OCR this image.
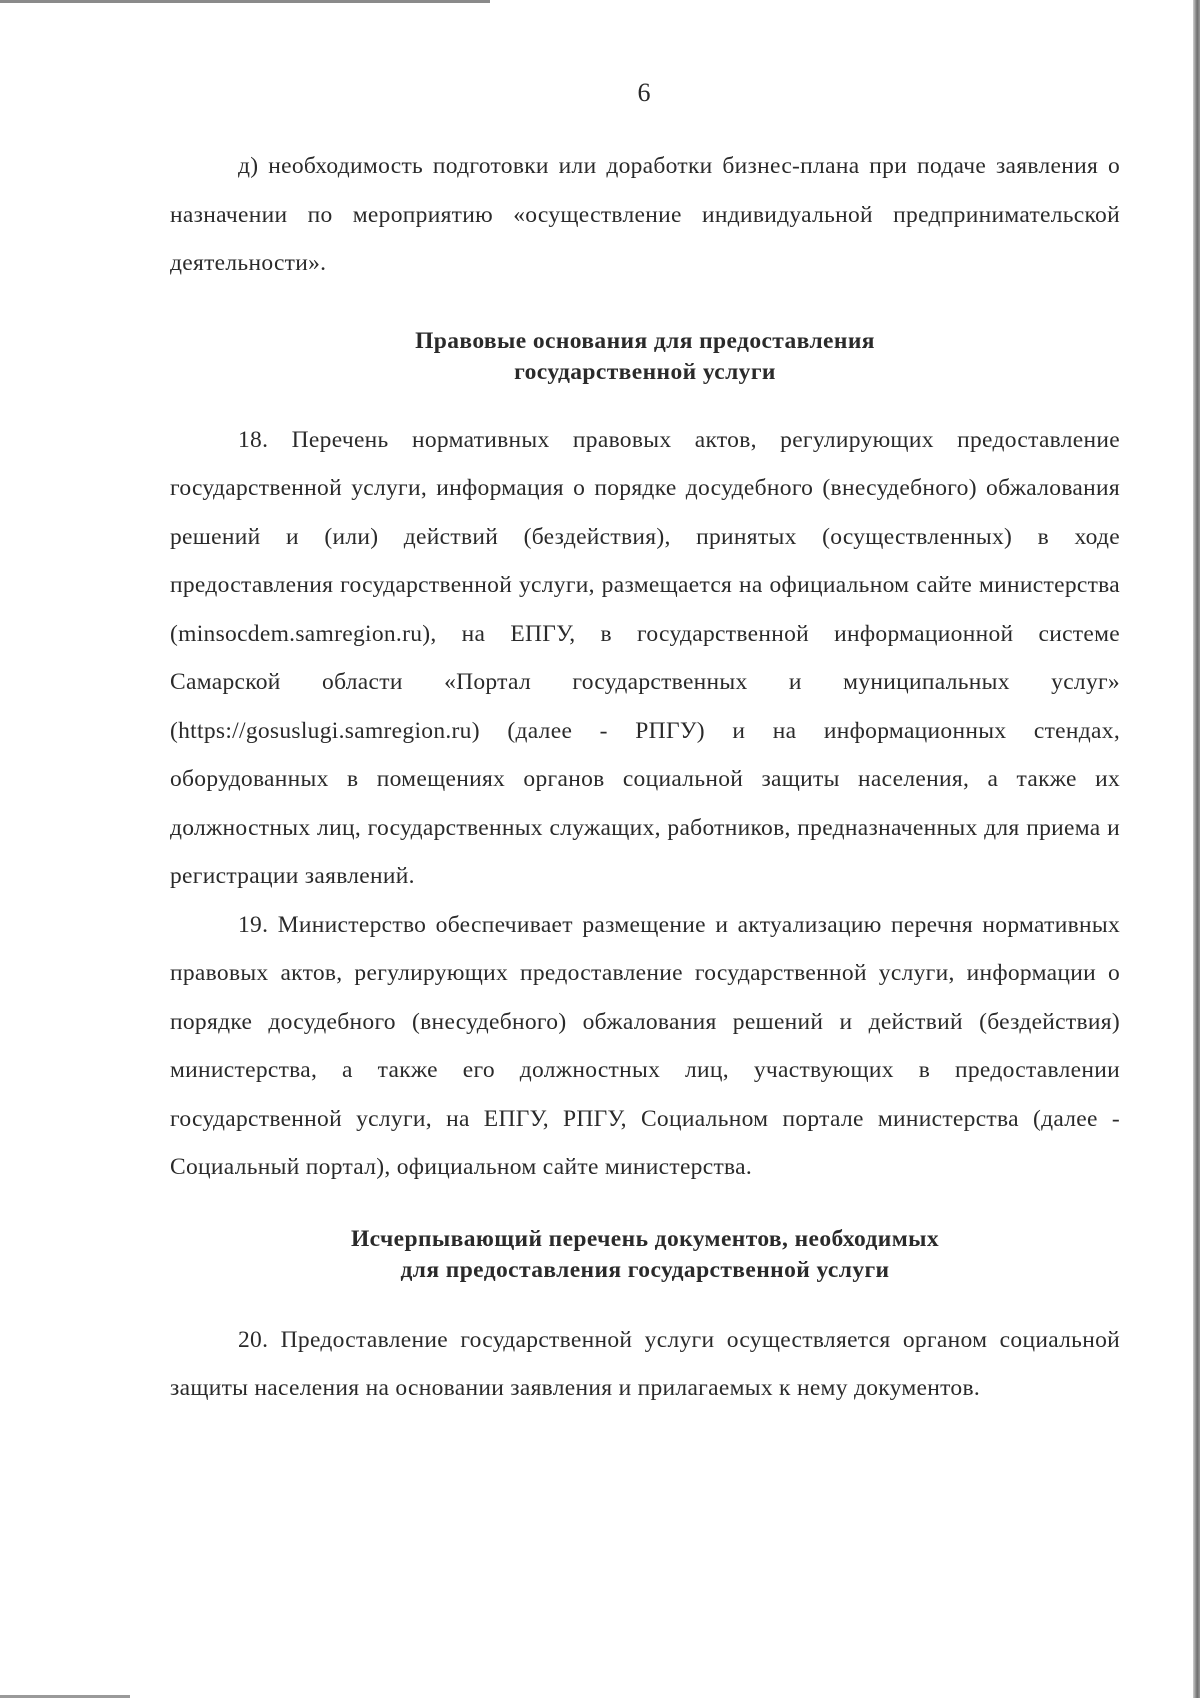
6

д) необходимость подготовки или доработки бизнес-плана при подаче заявления о назначении по мероприятию «осуществление индивидуальной предпринимательской деятельности».

Правовые основания для предоставления
государственной услуги

18. Перечень нормативных правовых актов, регулирующих предоставление государственной услуги, информация о порядке досудебного (внесудебного) обжалования решений и (или) действий (бездействия), принятых (осуществленных) в ходе предоставления государственной услуги, размещается на официальном сайте министерства (minsocdem.samregion.ru), на ЕПГУ, в государственной информационной системе Самарской области «Портал государственных и муниципальных услуг» (https://gosuslugi.samregion.ru) (далее - РПГУ) и на информационных стендах, оборудованных в помещениях органов социальной защиты населения, а также их должностных лиц, государственных служащих, работников, предназначенных для приема и регистрации заявлений.

19. Министерство обеспечивает размещение и актуализацию перечня нормативных правовых актов, регулирующих предоставление государственной услуги, информации о порядке досудебного (внесудебного) обжалования решений и действий (бездействия) министерства, а также его должностных лиц, участвующих в предоставлении государственной услуги, на ЕПГУ, РПГУ, Социальном портале министерства (далее - Социальный портал), официальном сайте министерства.

Исчерпывающий перечень документов, необходимых
для предоставления государственной услуги

20. Предоставление государственной услуги осуществляется органом социальной защиты населения на основании заявления и прилагаемых к нему документов.
